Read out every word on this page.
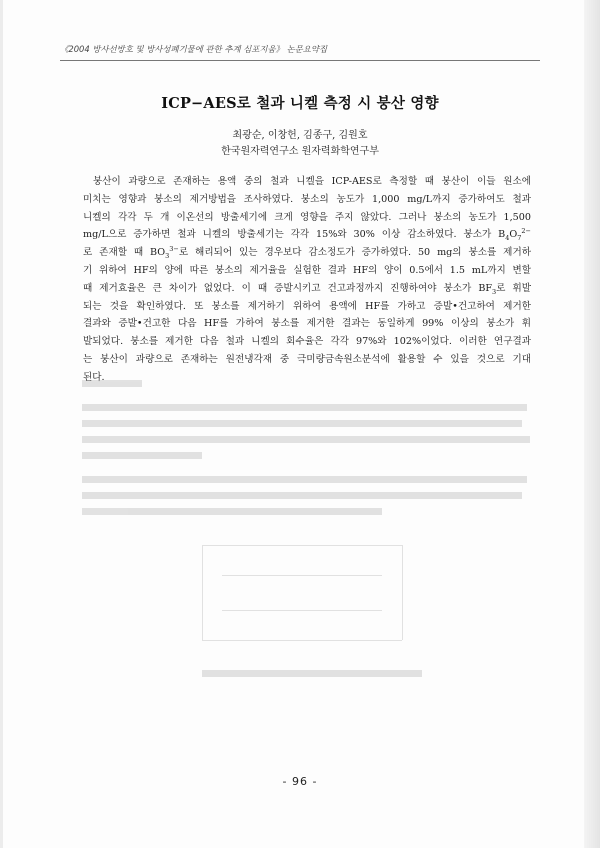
《2004 방사선방호 및 방사성폐기물에 관한 추계 심포지움》 논문요약집
ICP−AES로 철과 니켈 측정 시 붕산 영향
최광순, 이창헌, 김종구, 김원호
한국원자력연구소 원자력화학연구부
붕산이 과량으로 존재하는 용액 중의 철과 니켈을 ICP-AES로 측정할 때 붕산이 이들 원소에
미치는 영향과 붕소의 제거방법을 조사하였다. 붕소의 농도가 1,000 mg/L까지 증가하여도 철과
니켈의 각각 두 개 이온선의 방출세기에 크게 영향을 주지 않았다. 그러나 붕소의 농도가 1,500
mg/L으로 증가하면 철과 니켈의 방출세기는 각각 15%와 30% 이상 감소하였다. 붕소가 $B_4O_7^{2-}$
로 존재할 때 $BO_3^{3-}$로 해리되어 있는 경우보다 감소정도가 증가하였다. 50 mg의 붕소를 제거하
기 위하여 HF의 양에 따른 붕소의 제거율을 실험한 결과 HF의 양이 0.5에서 1.5 mL까지 변할
때 제거효율은 큰 차이가 없었다. 이 때 증발시키고 건고과정까지 진행하여야 붕소가 $BF_3$로 휘발
되는 것을 확인하였다. 또 붕소를 제거하기 위하여 용액에 HF를 가하고 증발•건고하여 제거한
결과와 증발•건고한 다음 HF를 가하여 붕소를 제거한 결과는 동일하게 99% 이상의 붕소가 휘
발되었다. 붕소를 제거한 다음 철과 니켈의 회수율은 각각 97%와 102%이었다. 이러한 연구결과
는 붕산이 과량으로 존재하는 원전냉각재 중 극미량금속원소분석에 활용할 수 있을 것으로 기대
된다.
- 96 -
